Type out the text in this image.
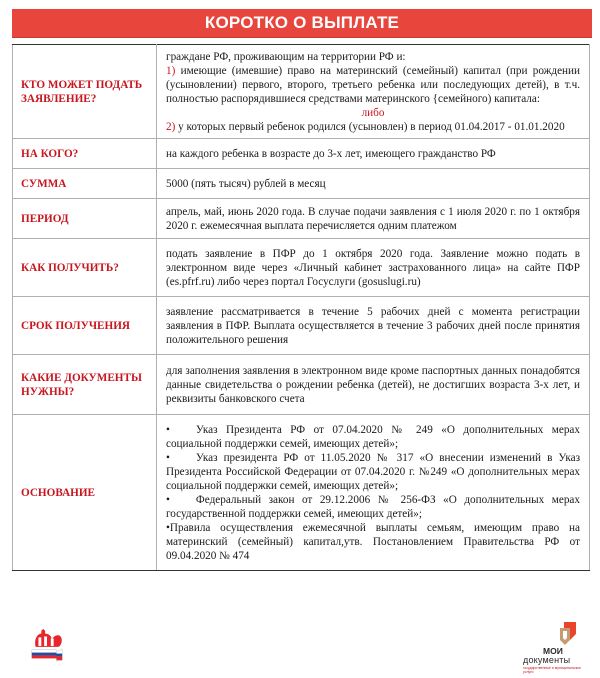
КОРОТКО О ВЫПЛАТЕ
КТО МОЖЕТ ПОДАТЬ ЗАЯВЛЕНИЕ?	граждане РФ, проживающим на территории РФ и:
1) имеющие (имевшие) право на материнский (семейный) капитал (при рождении (усыновлении) первого, второго, третьего ребенка или последующих детей), в т.ч. полностью распорядившиеся средствами материнского {семейного) капитала:
либо
2) у которых первый ребенок родился (усыновлен) в период 01.04.2017 - 01.01.2020

НА КОГО?	на каждого ребенка в возрасте до 3-х лет, имеющего гражданство РФ
СУММА	5000 (пять тысяч) рублей в месяц
ПЕРИОД	апрель, май, июнь 2020 года. В случае подачи заявления с 1 июля 2020 г. по 1 октября 2020 г. ежемесячная выплата перечисляется одним платежом
КАК ПОЛУЧИТЬ?	подать заявление в ПФР до 1 октября 2020 года. Заявление можно подать в электронном виде через «Личный кабинет застрахованного лица» на сайте ПФР (es.pfrf.ru) либо через портал Госуслуги (gosuslugi.ru)
СРОК ПОЛУЧЕНИЯ	заявление рассматривается в течение 5 рабочих дней с момента регистрации заявления в ПФР. Выплата осуществляется в течение 3 рабочих дней после принятия положительного решения
КАКИЕ ДОКУМЕНТЫ НУЖНЫ?	для заполнения заявления в электронном виде кроме паспортных данных понадобятся данные свидетельства о рождении ребенка (детей), не достигших возраста 3-х лет, и реквизиты банковского счета
ОСНОВАНИЕ	• Указ Президента РФ от 07.04.2020 № 249 «О дополнительных мерах социальной поддержки семей, имеющих детей»;
• Указ президента РФ от 11.05.2020 № 317 «О внесении изменений в Указ Президента Российской Федерации от 07.04.2020 г. №249 «О дополнительных мерах социальной поддержки семей, имеющих детей»;
• Федеральный закон от 29.12.2006 № 256-ФЗ «О дополнительных мерах государственной поддержки семей, имеющих детей»;
•Правила осуществления ежемесячной выплаты семьям, имеющим право на материнский (семейный) капитал,утв. Постановлением Правительства РФ от 09.04.2020 № 474
МОИ
документы
государственные и муниципальные услуги
